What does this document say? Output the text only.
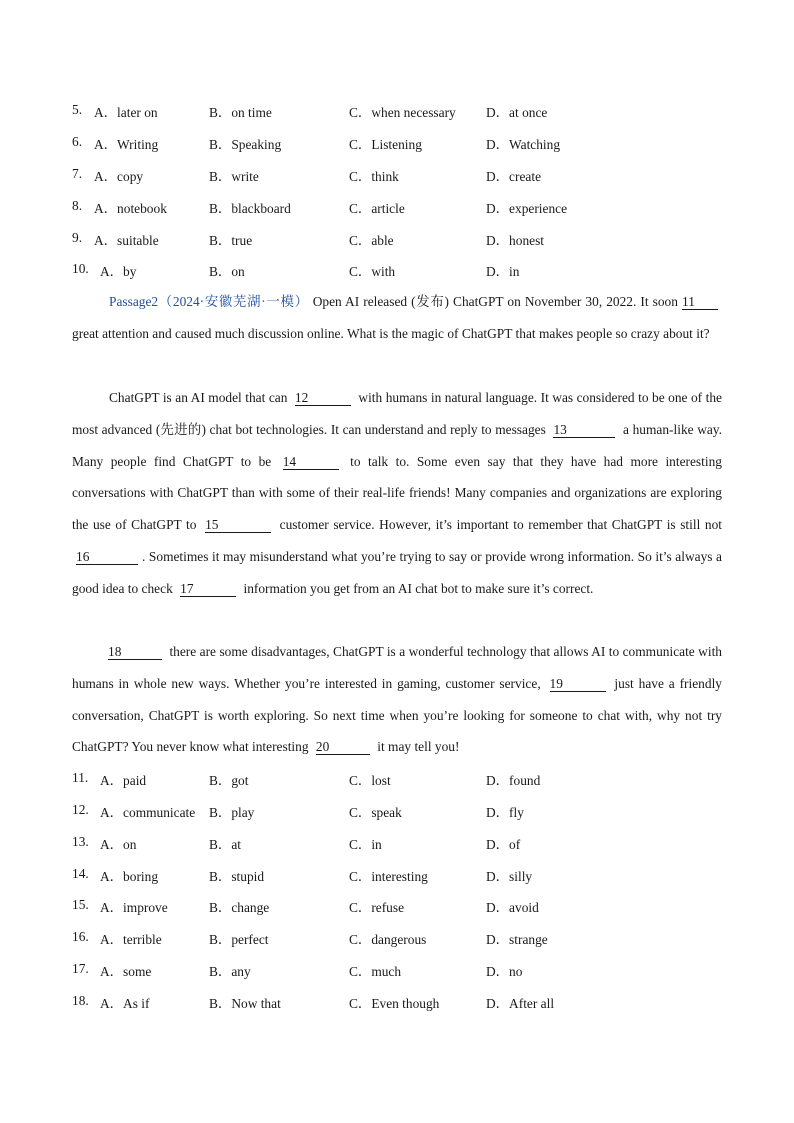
5. A．later on	B．on time	C．when necessary D．at once
6. A．Writing	B．Speaking	C．Listening	D．Watching
7. A．copy	B．write	C．think	D．create
8. A．notebook	B．blackboard	C．article	D．experience
9. A．suitable	B．true	C．able	D．honest
10. A．by	B．on	C．with	D．in
Passage2（2024·安徽芜湖·一模） Open AI released (发布) ChatGPT on November 30, 2022. It soon 11 great attention and caused much discussion online. What is the magic of ChatGPT that makes people so crazy about it?
ChatGPT is an AI model that can 12	with humans in natural language. It was considered to be one of the most advanced (先进的) chat bot technologies. It can understand and reply to messages 13	a human-like way. Many people find ChatGPT to be 14	to talk to. Some even say that they have had more interesting conversations with ChatGPT than with some of their real-life friends! Many companies and organizations are exploring the use of ChatGPT to 15	customer service. However, it’s important to remember that ChatGPT is still not 16	. Sometimes it may misunderstand what you’re trying to say or provide wrong information. So it’s always a good idea to check 17	information you get from an AI chat bot to make sure it’s correct.
18	there are some disadvantages, ChatGPT is a wonderful technology that allows AI to communicate with humans in whole new ways. Whether you’re interested in gaming, customer service, 19	just have a friendly conversation, ChatGPT is worth exploring. So next time when you’re looking for someone to chat with, why not try ChatGPT? You never know what interesting 20	it may tell you!
11. A．paid	B．got	C．lost	D．found
12. A．communicate B．play	C．speak	D．fly
13. A．on	B．at	C．in	D．of
14. A．boring	B．stupid	C．interesting	D．silly
15. A．improve	B．change	C．refuse	D．avoid
16. A．terrible	B．perfect	C．dangerous	D．strange
17. A．some	B．any	C．much	D．no
18. A．As if	B．Now that	C．Even though	D．After all
